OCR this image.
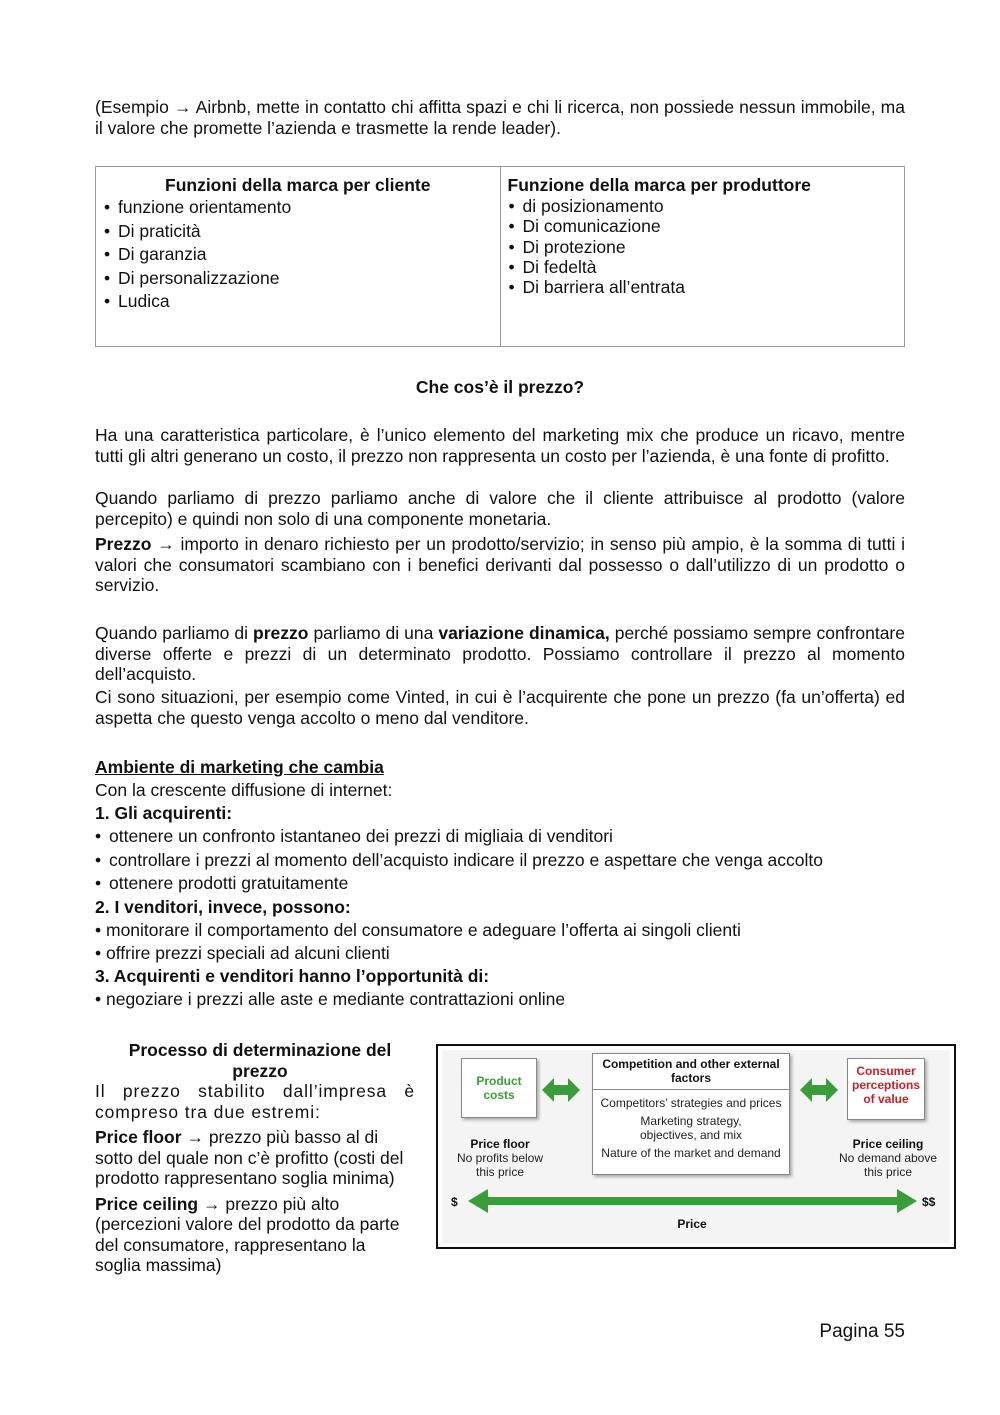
(Esempio → Airbnb, mette in contatto chi affitta spazi e chi li ricerca, non possiede nessun immobile, ma il valore che promette l’azienda e trasmette la rende leader).

Funzioni della marca per cliente
• funzione orientamento
• Di praticità
• Di garanzia
• Di personalizzazione
• Ludica

Funzione della marca per produttore
• di posizionamento
• Di comunicazione
• Di protezione
• Di fedeltà
• Di barriera all’entrata
Che cos’è il prezzo?

Ha una caratteristica particolare, è l’unico elemento del marketing mix che produce un ricavo, mentre tutti gli altri generano un costo, il prezzo non rappresenta un costo per l’azienda, è una fonte di profitto.

Quando parliamo di prezzo parliamo anche di valore che il cliente attribuisce al prodotto (valore percepito) e quindi non solo di una componente monetaria.

Prezzo → importo in denaro richiesto per un prodotto/servizio; in senso più ampio, è la somma di tutti i valori che consumatori scambiano con i benefici derivanti dal possesso o dall’utilizzo di un prodotto o servizio.

Quando parliamo di prezzo parliamo di una variazione dinamica, perché possiamo sempre confrontare diverse offerte e prezzi di un determinato prodotto. Possiamo controllare il prezzo al momento dell’acquisto.

Ci sono situazioni, per esempio come Vinted, in cui è l’acquirente che pone un prezzo (fa un’offerta) ed aspetta che questo venga accolto o meno dal venditore.

Ambiente di marketing che cambia
Con la crescente diffusione di internet:
1. Gli acquirenti:
• ottenere un confronto istantaneo dei prezzi di migliaia di venditori
• controllare i prezzi al momento dell’acquisto indicare il prezzo e aspettare che venga accolto
• ottenere prodotti gratuitamente
2. I venditori, invece, possono:
• monitorare il comportamento del consumatore e adeguare l’offerta ai singoli clienti
• offrire prezzi speciali ad alcuni clienti
3. Acquirenti e venditori hanno l’opportunità di:
• negoziare i prezzi alle aste e mediante contrattazioni online
Processo di determinazione del prezzo

Il prezzo stabilito dall’impresa è compreso tra due estremi:

Price floor → prezzo più basso al di sotto del quale non c’è profitto (costi del prodotto rappresentano soglia minima)

Price ceiling → prezzo più alto (percezioni valore del prodotto da parte del consumatore, rappresentano la soglia massima)

Product costs
Competition and other external factors
Competitors’ strategies and prices
Marketing strategy, objectives, and mix
Nature of the market and demand
Consumer perceptions of value
Price floor
No profits below this price
Price ceiling
No demand above this price
$	$$
Price
Pagina 55
